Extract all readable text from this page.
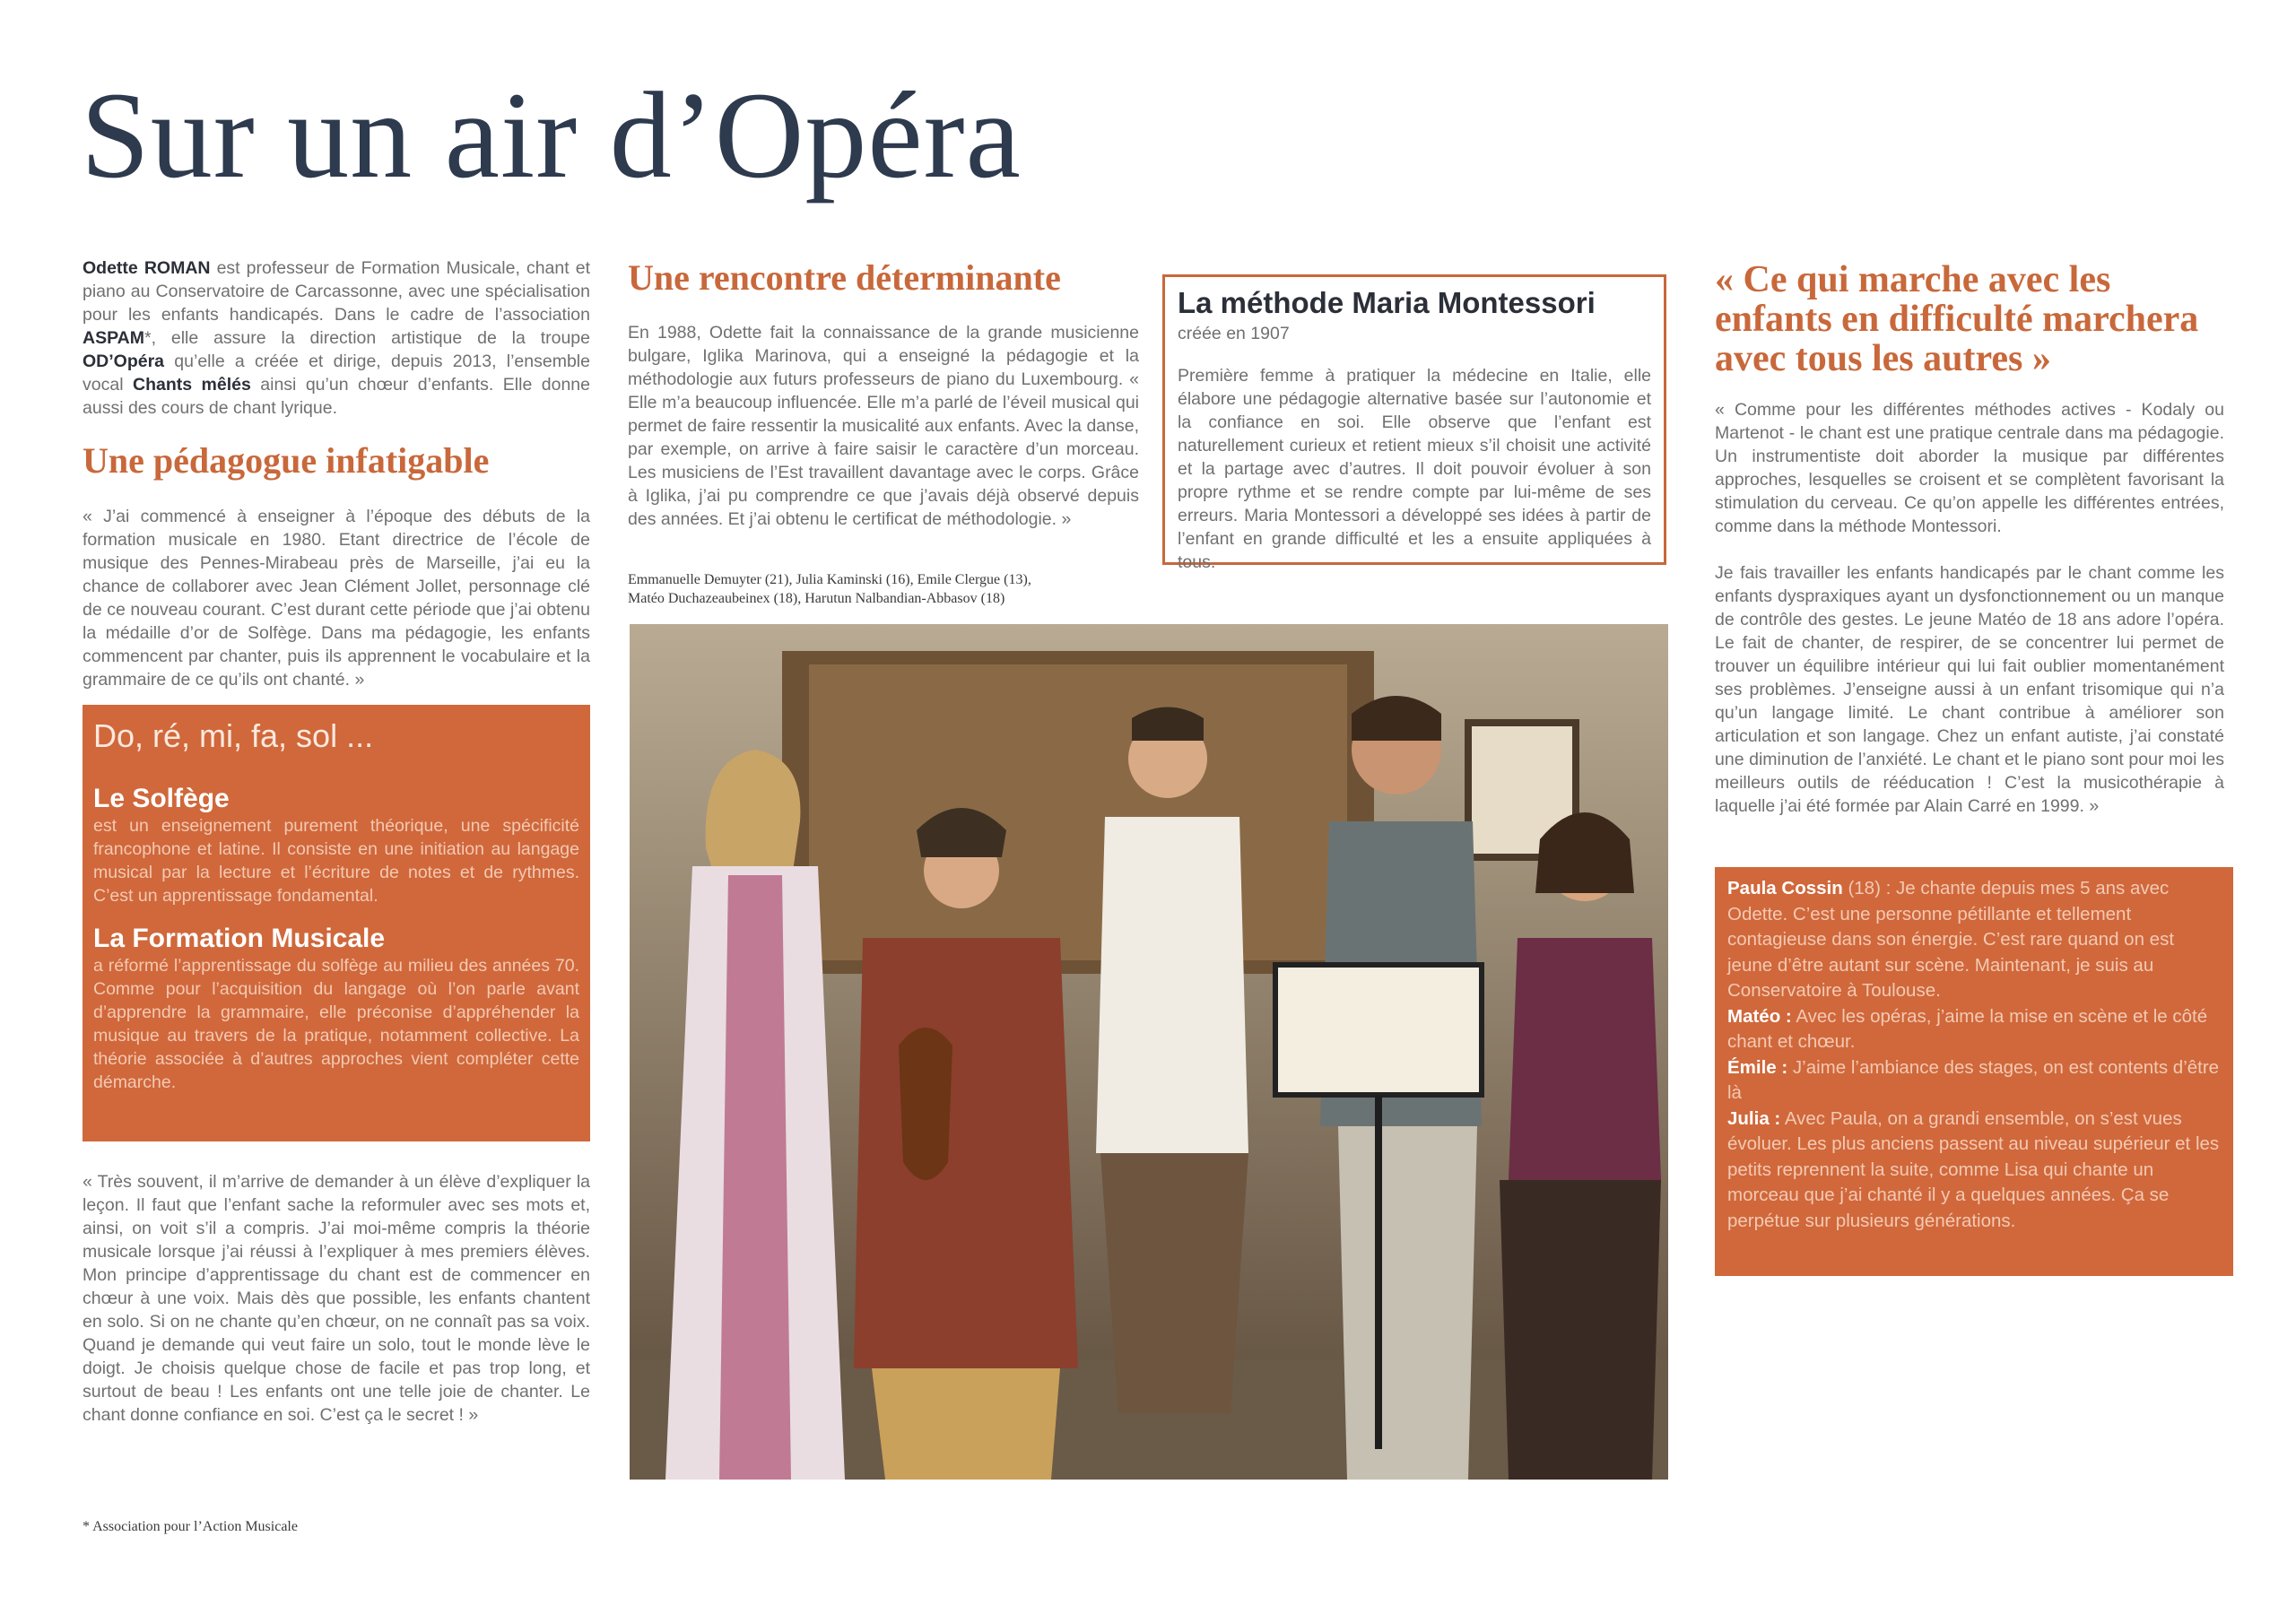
Sur un air d’Opéra
Odette ROMAN est professeur de Formation Musicale, chant et piano au Conservatoire de Carcassonne, avec une spécialisation pour les enfants handicapés. Dans le cadre de l’association ASPAM*, elle assure la direction artistique de la troupe OD’Opéra qu’elle a créée et dirige, depuis 2013, l’ensemble vocal Chants mêlés ainsi qu’un chœur d’enfants. Elle donne aussi des cours de chant lyrique.
Une pédagogue infatigable
« J’ai commencé à enseigner à l’époque des débuts de la formation musicale en 1980. Etant directrice de l’école de musique des Pennes-Mirabeau près de Marseille, j’ai eu la chance de collaborer avec Jean Clément Jollet, personnage clé de ce nouveau courant. C’est durant cette période que j’ai obtenu la médaille d’or de Solfège. Dans ma pédagogie, les enfants commencent par chanter, puis ils apprennent le vocabulaire et la grammaire de ce qu’ils ont chanté. »
Do, ré, mi, fa, sol ...
Le Solfège
est un enseignement purement théorique, une spécificité francophone et latine. Il consiste en une initiation au langage musical par la lecture et l’écriture de notes et de rythmes. C’est un apprentissage fondamental.
La Formation Musicale
a réformé l’apprentissage du solfège au milieu des années 70. Comme pour l’acquisition du langage où l’on parle avant d’apprendre la grammaire, elle préconise d’appréhender la musique au travers de la pratique, notamment collective. La théorie associée à d’autres approches vient compléter cette démarche.
« Très souvent, il m’arrive de demander à un élève d’expliquer la leçon. Il faut que l’enfant sache la reformuler avec ses mots et, ainsi, on voit s’il a compris. J’ai moi-même compris la théorie musicale lorsque j’ai réussi à l’expliquer à mes premiers élèves. Mon principe d’apprentissage du chant est de commencer en chœur à une voix. Mais dès que possible, les enfants chantent en solo. Si on ne chante qu’en chœur, on ne connaît pas sa voix. Quand je demande qui veut faire un solo, tout le monde lève le doigt. Je choisis quelque chose de facile et pas trop long, et surtout de beau ! Les enfants ont une telle joie de chanter. Le chant donne confiance en soi. C’est ça le secret ! »
* Association pour l’Action Musicale
Une rencontre déterminante
En 1988, Odette fait la connaissance de la grande musicienne bulgare, Iglika Marinova, qui a enseigné la pédagogie et la méthodologie aux futurs professeurs de piano du Luxembourg. « Elle m’a beaucoup influencée. Elle m’a parlé de l’éveil musical qui permet de faire ressentir la musicalité aux enfants. Avec la danse, par exemple, on arrive à faire saisir le caractère d’un morceau. Les musiciens de l’Est travaillent davantage avec le corps. Grâce à Iglika, j’ai pu comprendre ce que j’avais déjà observé depuis des années. Et j’ai obtenu le certificat de méthodologie. »
Emmanuelle Demuyter (21), Julia Kaminski (16), Emile Clergue (13),
Matéo Duchazeaubeinex (18), Harutun Nalbandian-Abbasov (18)
La méthode Maria Montessori
créée en 1907
Première femme à pratiquer la médecine en Italie, elle élabore une pédagogie alternative basée sur l’autonomie et la confiance en soi. Elle observe que l’enfant est naturellement curieux et retient mieux s’il choisit une activité et la partage avec d’autres. Il doit pouvoir évoluer à son propre rythme et se rendre compte par lui-même de ses erreurs. Maria Montessori a développé ses idées à partir de l’enfant en grande difficulté et les a ensuite appliquées à tous.
« Ce qui marche avec les enfants en difficulté marchera avec tous les autres »
« Comme pour les différentes méthodes actives - Kodaly ou Martenot - le chant est une pratique centrale dans ma pédagogie. Un instrumentiste doit aborder la musique par différentes approches, lesquelles se croisent et se complètent favorisant la stimulation du cerveau. Ce qu’on appelle les différentes entrées, comme dans la méthode Montessori.
Je fais travailler les enfants handicapés par le chant comme les enfants dyspraxiques ayant un dysfonctionnement ou un manque de contrôle des gestes. Le jeune Matéo de 18 ans adore l’opéra. Le fait de chanter, de respirer, de se concentrer lui permet de trouver un équilibre intérieur qui lui fait oublier momentanément ses problèmes. J’enseigne aussi à un enfant trisomique qui n’a qu’un langage limité. Le chant contribue à améliorer son articulation et son langage. Chez un enfant autiste, j’ai constaté une diminution de l’anxiété. Le chant et le piano sont pour moi les meilleurs outils de rééducation ! C’est la musicothérapie à laquelle j’ai été formée par Alain Carré en 1999. »
Paula Cossin (18) : Je chante depuis mes 5 ans avec Odette. C’est une personne pétillante et tellement contagieuse dans son énergie. C’est rare quand on est jeune d’être autant sur scène. Maintenant, je suis au Conservatoire à Toulouse.
Matéo : Avec les opéras, j’aime la mise en scène et le côté chant et chœur.
Émile : J’aime l’ambiance des stages, on est contents d’être là
Julia : Avec Paula, on a grandi ensemble, on s’est vues évoluer. Les plus anciens passent au niveau supérieur et les petits reprennent la suite, comme Lisa qui chante un morceau que j’ai chanté il y a quelques années. Ça se perpétue sur plusieurs générations.
